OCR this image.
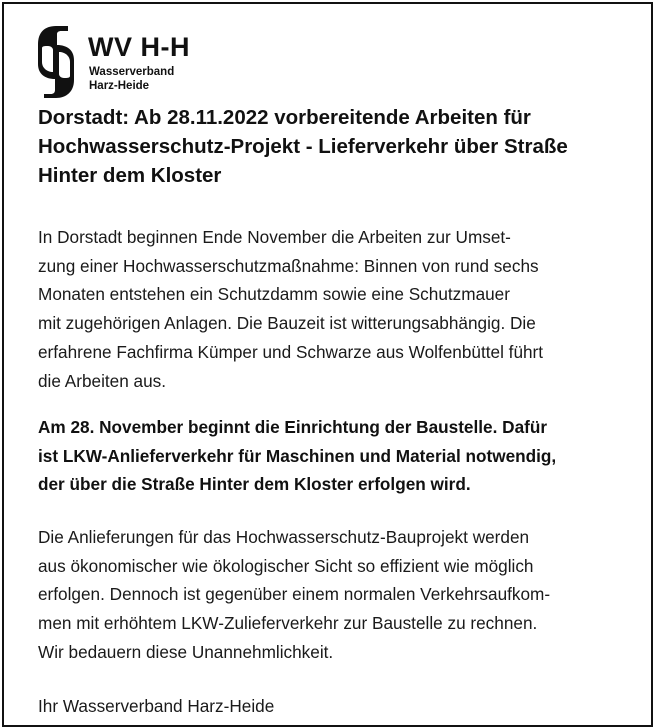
WV H-H
Wasserverband
Harz-Heide
Dorstadt: Ab 28.11.2022 vorbereitende Arbeiten für
Hochwasserschutz-Projekt - Lieferverkehr über Straße
Hinter dem Kloster

In Dorstadt beginnen Ende November die Arbeiten zur Umset-
zung einer Hochwasserschutzmaßnahme: Binnen von rund sechs
Monaten entstehen ein Schutzdamm sowie eine Schutzmauer
mit zugehörigen Anlagen. Die Bauzeit ist witterungsabhängig. Die
erfahrene Fachfirma Kümper und Schwarze aus Wolfenbüttel führt
die Arbeiten aus.

Am 28. November beginnt die Einrichtung der Baustelle. Dafür
ist LKW-Anlieferverkehr für Maschinen und Material notwendig,
der über die Straße Hinter dem Kloster erfolgen wird.

Die Anlieferungen für das Hochwasserschutz-Bauprojekt werden
aus ökonomischer wie ökologischer Sicht so effizient wie möglich
erfolgen. Dennoch ist gegenüber einem normalen Verkehrsaufkom-
men mit erhöhtem LKW-Zulieferverkehr zur Baustelle zu rechnen.
Wir bedauern diese Unannehmlichkeit.

Ihr Wasserverband Harz-Heide
